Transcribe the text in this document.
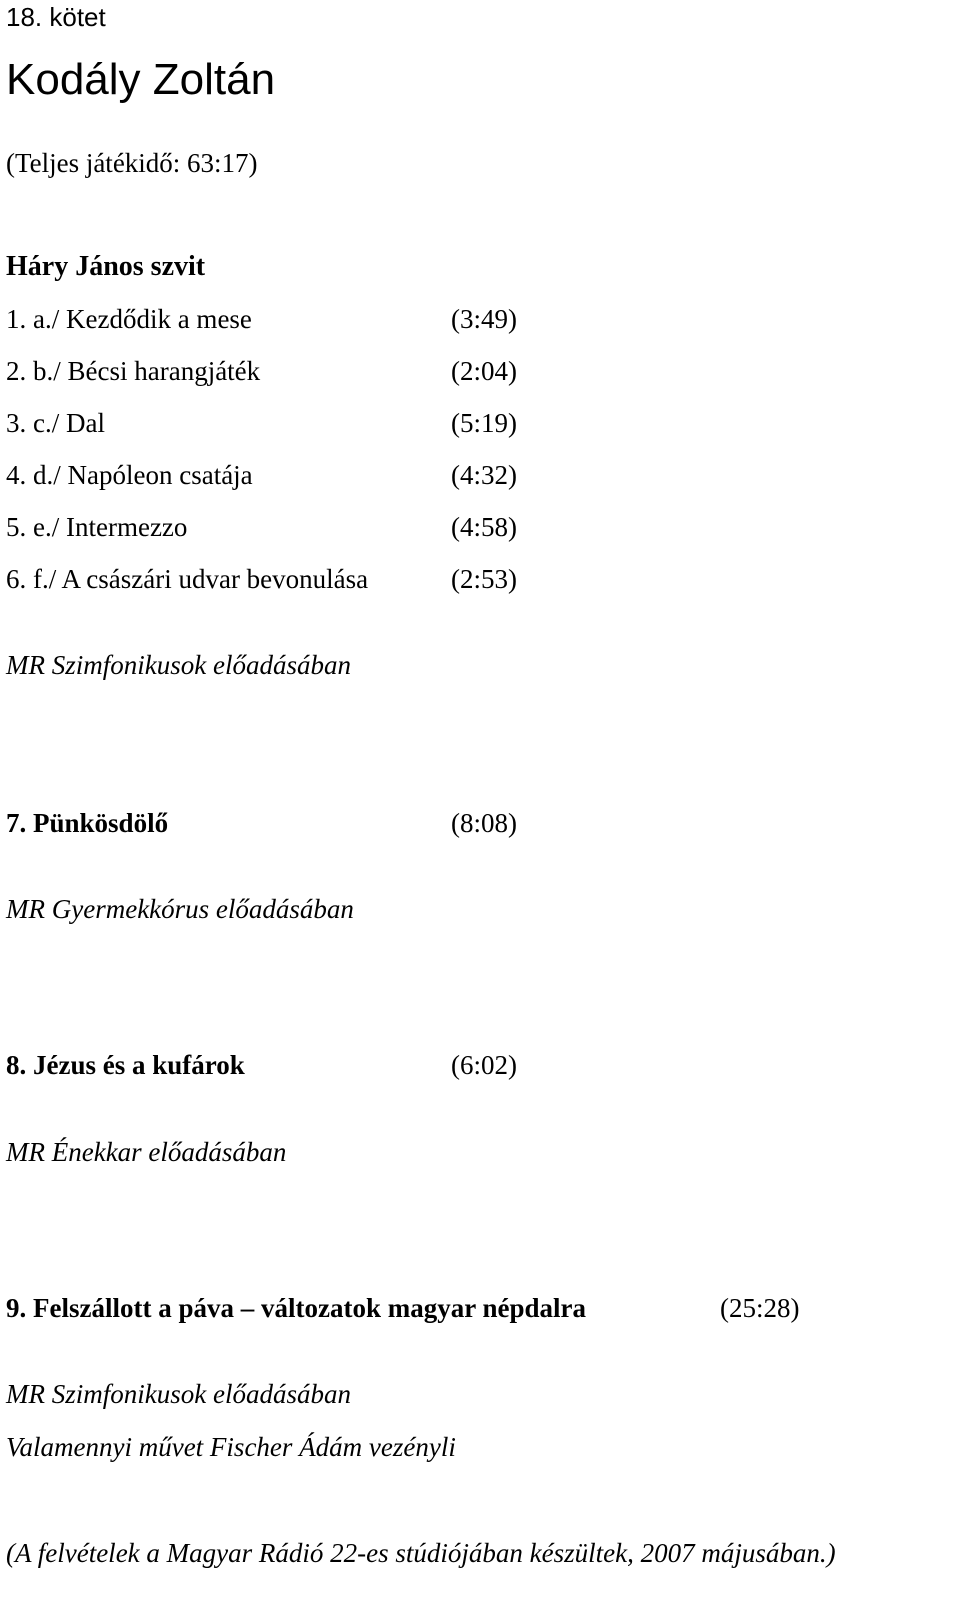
18. kötet
Kodály Zoltán
(Teljes játékidő: 63:17)
Háry János szvit
1. a./ Kezdődik a mese	(3:49)
2. b./ Bécsi harangjáték	(2:04)
3. c./ Dal	(5:19)
4. d./ Napóleon csatája	(4:32)
5. e./ Intermezzo	(4:58)
6. f./ A császári udvar bevonulása	(2:53)
MR Szimfonikusok előadásában
7. Pünkösdölő	(8:08)
MR Gyermekkórus előadásában
8. Jézus és a kufárok	(6:02)
MR Énekkar előadásában
9. Felszállott a páva – változatok magyar népdalra	(25:28)
MR Szimfonikusok előadásában
Valamennyi művet Fischer Ádám vezényli
(A felvételek a Magyar Rádió 22-es stúdiójában készültek, 2007 májusában.)
